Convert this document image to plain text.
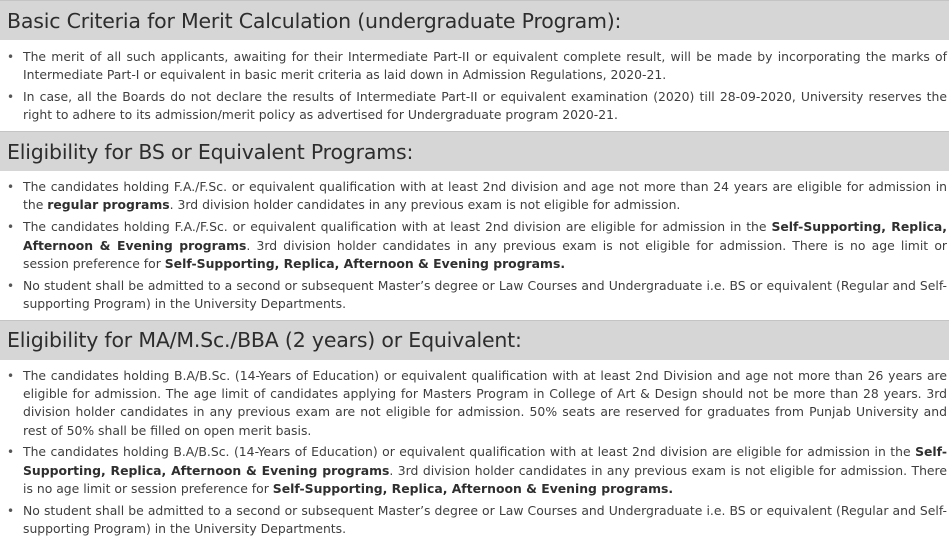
Basic Criteria for Merit Calculation (undergraduate Program):
• The merit of all such applicants, awaiting for their Intermediate Part-II or equivalent complete result, will be made by incorporating the marks of Intermediate Part-I or equivalent in basic merit criteria as laid down in Admission Regulations, 2020-21.
• In case, all the Boards do not declare the results of Intermediate Part-II or equivalent examination (2020) till 28-09-2020, University reserves the right to adhere to its admission/merit policy as advertised for Undergraduate program 2020-21.
Eligibility for BS or Equivalent Programs:
• The candidates holding F.A./F.Sc. or equivalent qualification with at least 2nd division and age not more than 24 years are eligible for admission in the regular programs. 3rd division holder candidates in any previous exam is not eligible for admission.
• The candidates holding F.A./F.Sc. or equivalent qualification with at least 2nd division are eligible for admission in the Self-Supporting, Replica, Afternoon & Evening programs. 3rd division holder candidates in any previous exam is not eligible for admission. There is no age limit or session preference for Self-Supporting, Replica, Afternoon & Evening programs.
• No student shall be admitted to a second or subsequent Master’s degree or Law Courses and Undergraduate i.e. BS or equivalent (Regular and Self-supporting Program) in the University Departments.
Eligibility for MA/M.Sc./BBA (2 years) or Equivalent:
• The candidates holding B.A/B.Sc. (14-Years of Education) or equivalent qualification with at least 2nd Division and age not more than 26 years are eligible for admission. The age limit of candidates applying for Masters Program in College of Art & Design should not be more than 28 years. 3rd division holder candidates in any previous exam are not eligible for admission. 50% seats are reserved for graduates from Punjab University and rest of 50% shall be filled on open merit basis.
• The candidates holding B.A/B.Sc. (14-Years of Education) or equivalent qualification with at least 2nd division are eligible for admission in the Self-Supporting, Replica, Afternoon & Evening programs. 3rd division holder candidates in any previous exam is not eligible for admission. There is no age limit or session preference for Self-Supporting, Replica, Afternoon & Evening programs.
• No student shall be admitted to a second or subsequent Master’s degree or Law Courses and Undergraduate i.e. BS or equivalent (Regular and Self-supporting Program) in the University Departments.
